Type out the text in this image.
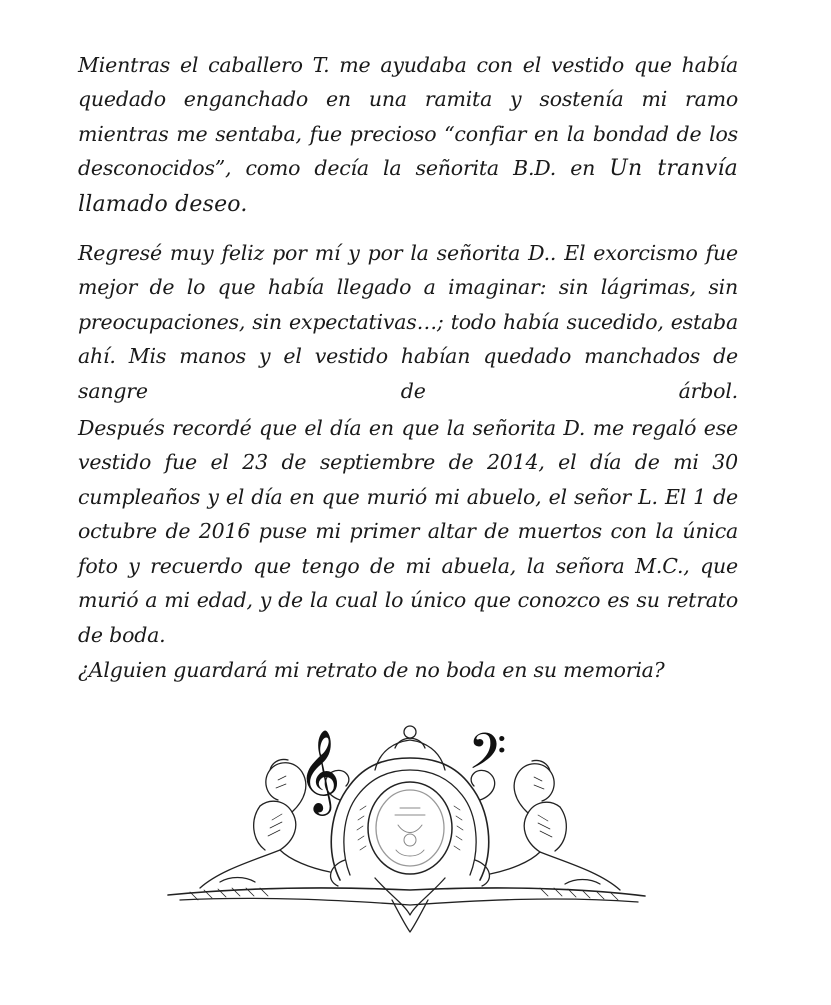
Mientras el caballero T. me ayudaba con el vestido que había quedado enganchado en una ramita y sostenía mi ramo mientras me sentaba, fue precioso “confiar en la bondad de los desconocidos”, como decía la señorita B.D. en Un tranvía llamado deseo.

Regresé muy feliz por mí y por la señorita D.. El exorcismo fue mejor de lo que había llegado a imaginar: sin lágrimas, sin preocupaciones, sin expectativas…; todo había sucedido, estaba ahí. Mis manos y el vestido habían quedado manchados de sangre de árbol.

Después recordé que el día en que la señorita D. me regaló ese vestido fue el 23 de septiembre de 2014, el día de mi 30 cumpleaños y el día en que murió mi abuelo, el señor L. El 1 de octubre de 2016 puse mi primer altar de muertos con la única foto y recuerdo que tengo de mi abuela, la señora M.C., que murió a mi edad, y de la cual lo único que conozco es su retrato de boda.

¿Alguien guardará mi retrato de no boda en su memoria?

𝄞 𝄢
